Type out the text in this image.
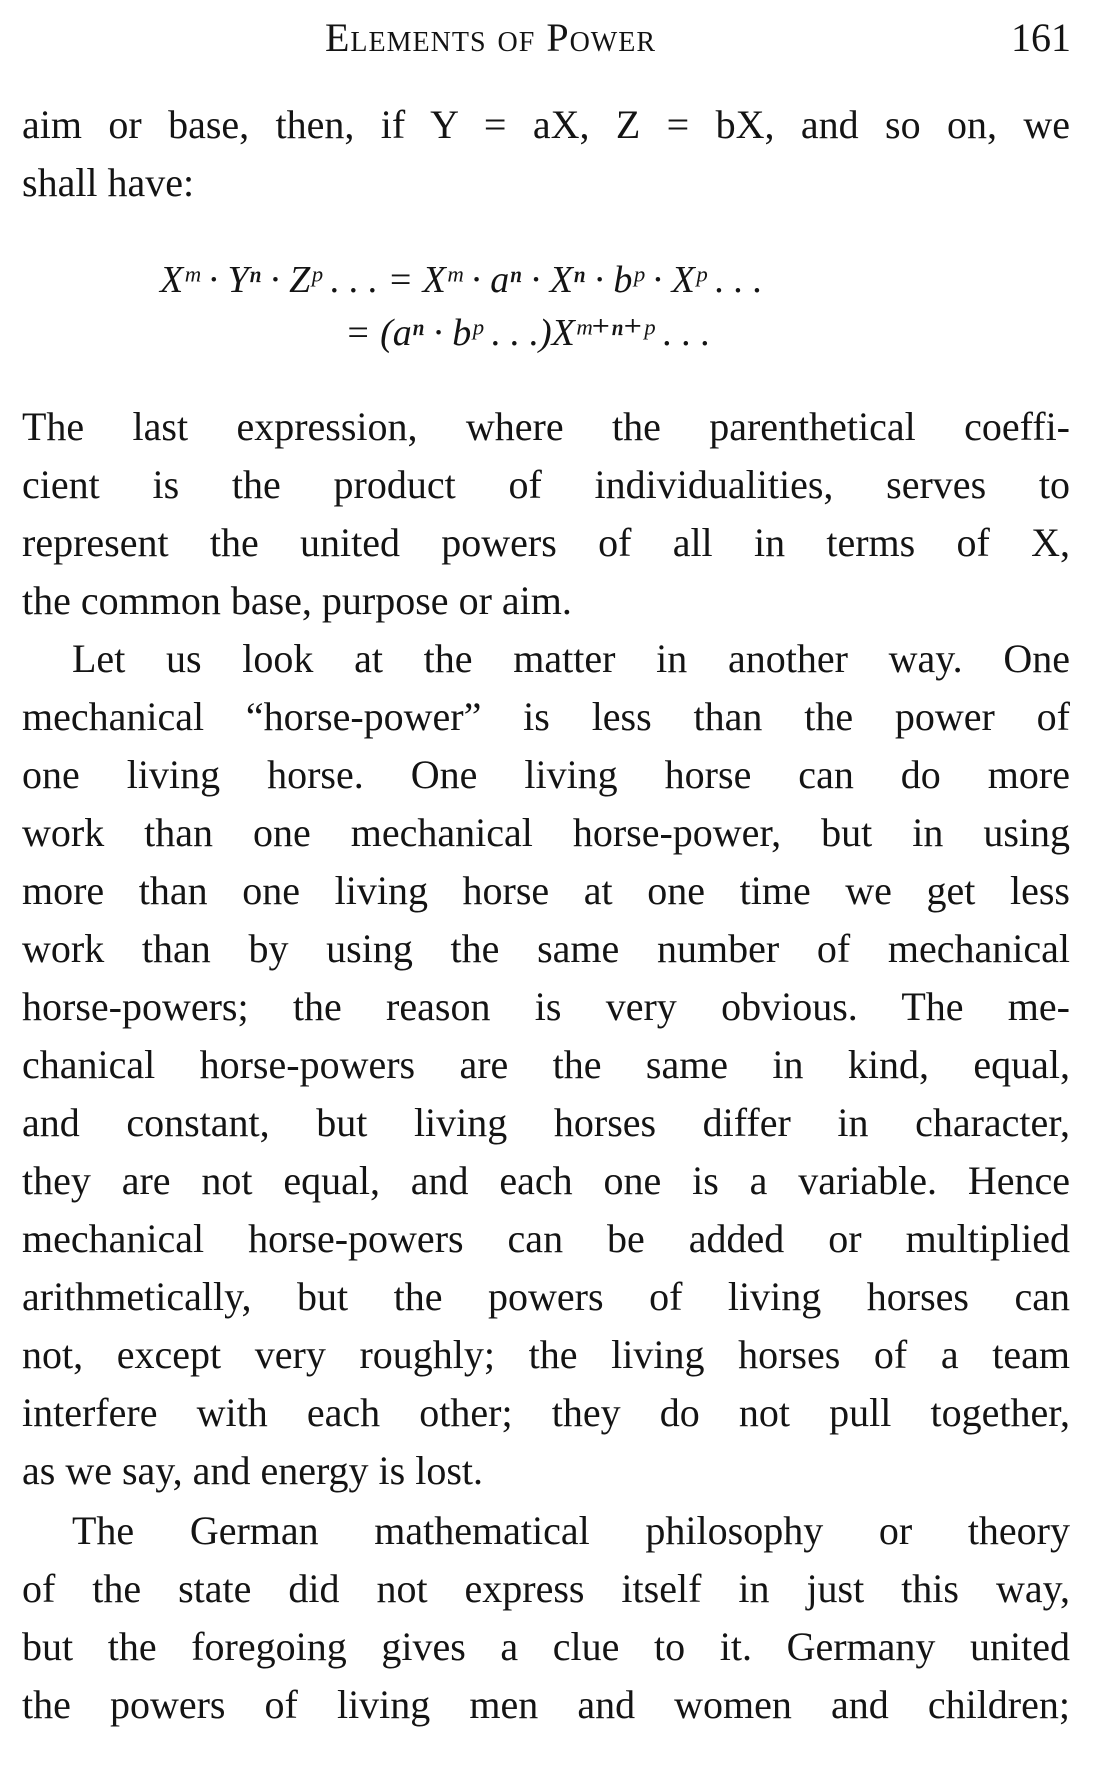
Elements of Power	161
aim or base, then, if Y = aX, Z = bX, and so on, we
shall have:
Xᵐ · Yⁿ · Zᵖ . . . = Xᵐ · aⁿ · Xⁿ · bᵖ · Xᵖ . . .
= (aⁿ · bᵖ . . .)Xᵐ⁺ⁿ⁺ᵖ . . .
The last expression, where the parenthetical coeffi-
cient is the product of individualities, serves to
represent the united powers of all in terms of X,
the common base, purpose or aim.
Let us look at the matter in another way. One
mechanical “horse-power” is less than the power of
one living horse. One living horse can do more
work than one mechanical horse-power, but in using
more than one living horse at one time we get less
work than by using the same number of mechanical
horse-powers; the reason is very obvious. The me-
chanical horse-powers are the same in kind, equal,
and constant, but living horses differ in character,
they are not equal, and each one is a variable. Hence
mechanical horse-powers can be added or multiplied
arithmetically, but the powers of living horses can
not, except very roughly; the living horses of a team
interfere with each other; they do not pull together,
as we say, and energy is lost.
The German mathematical philosophy or theory
of the state did not express itself in just this way,
but the foregoing gives a clue to it. Germany united
the powers of living men and women and children;
